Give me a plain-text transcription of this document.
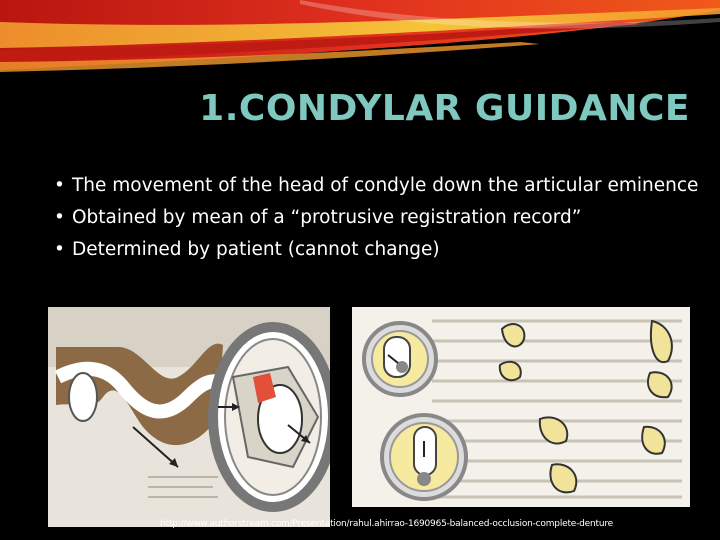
1.CONDYLAR GUIDANCE
• The movement of the head of condyle down the articular eminence
• Obtained by mean of a “protrusive registration record”
• Determined by patient (cannot change)
http://www.authorstream.com/Presentation/rahul.ahirrao-1690965-balanced-occlusion-complete-denture
